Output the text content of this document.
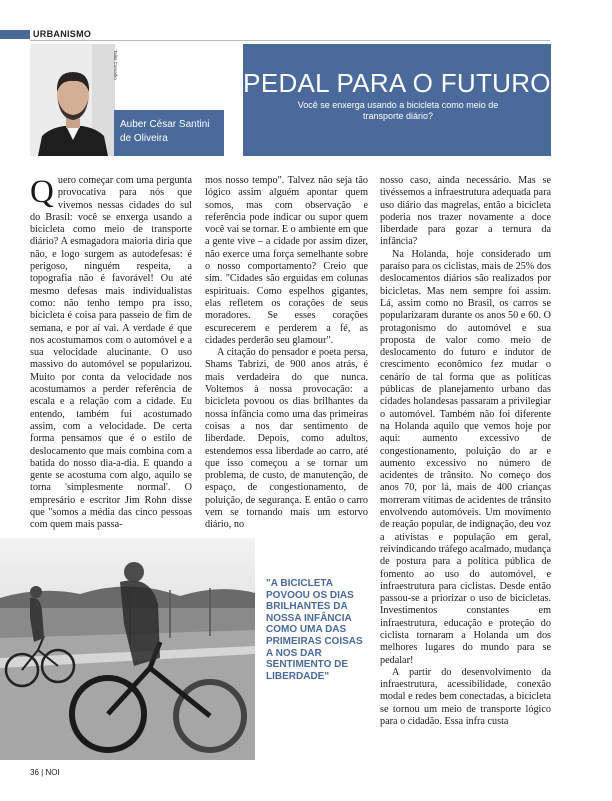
URBANISMO
Talita Carvalho
Auber César Santini de Oliveira
PEDAL PARA O FUTURO
Você se enxerga usando a bicicleta como meio de transporte diário?

Quero começar com uma pergunta provocativa para nós que vivemos nessas cidades do sul do Brasil: você se enxerga usando a bicicleta como meio de transporte diário? A esmagadora maioria diria que não, e logo surgem as autodefesas: é perigoso, ninguém respeita, a topografia não é favorável! Ou até mesmo defesas mais individualistas como: não tenho tempo pra isso, bicicleta é coisa para passeio de fim de semana, e por aí vai. A verdade é que nos acostumamos com o automóvel e a sua velocidade alucinante. O uso massivo do automóvel se popularizou. Muito por conta da velocidade nos acostumamos a perder referência de escala e a relação com a cidade. Eu entendo, também fui acostumado assim, com a velocidade. De certa forma pensamos que é o estilo de deslocamento que mais combina com a batida do nosso dia-a-dia. E quando a gente se acostuma com algo, aquilo se torna 'simplesmente normal'. O empresário e escritor Jim Rohn disse que "somos a média das cinco pessoas com quem mais passa-

mos nosso tempo". Talvez não seja tão lógico assim alguém apontar quem somos, mas com observação e referência pode indicar ou supor quem você vai se tornar. E o ambiente em que a gente vive – a cidade por assim dizer, não exerce uma força semelhante sobre o nosso comportamento? Creio que sim. "Cidades são erguidas em colunas espirituais. Como espelhos gigantes, elas refletem os corações de seus moradores. Se esses corações escurecerem e perderem a fé, as cidades perderão seu glamour".

A citação do pensador e poeta persa, Shams Tabrizi, de 900 anos atrás, é mais verdadeira do que nunca. Voltemos à nossa provocação: a bicicleta povoou os dias brilhantes da nossa infância como uma das primeiras coisas a nos dar sentimento de liberdade. Depois, como adultos, estendemos essa liberdade ao carro, até que isso começou a se tornar um problema, de custo, de manutenção, de espaço, de congestionamento, de poluição, de segurança. E então o carro vem se tornando mais um estorvo diário, no

nosso caso, ainda necessário. Mas se tivéssemos a infraestrutura adequada para uso diário das magrelas, então a bicicleta poderia nos trazer novamente a doce liberdade para gozar a ternura da infância?

Na Holanda, hoje considerado um paraíso para os ciclistas, mais de 25% dos deslocamentos diários são realizados por bicicletas. Mas nem sempre foi assim. Lá, assim como no Brasil, os carros se popularizaram durante os anos 50 e 60. O protagonismo do automóvel e sua proposta de valor como meio de deslocamento do futuro e indutor de crescimento econômico fez mudar o cenário de tal forma que as políticas públicas de planejamento urbano das cidades holandesas passaram a privilegiar o automóvel. Também não foi diferente na Holanda aquilo que vemos hoje por aqui: aumento excessivo de congestionamento, poluição do ar e aumento excessivo no número de acidentes de trânsito. No começo dos anos 70, por lá, mais de 400 crianças morreram vítimas de acidentes de trânsito envolvendo automóveis. Um movimento de reação popular, de indignação, deu voz a ativistas e população em geral, reivindicando tráfego acalmado, mudança de postura para a política pública de fomento ao uso do automóvel, e infraestrutura para ciclistas. Desde então passou-se a priorizar o uso de bicicletas. Investimentos constantes em infraestrutura, educação e proteção do ciclista tornaram a Holanda um dos melhores lugares do mundo para se pedalar!

A partir do desenvolvimento da infraestrutura, acessibilidade, conexão modal e redes bem conectadas, a bicicleta se tornou um meio de transporte lógico para o cidadão. Essa infra custa

"A BICICLETA POVOOU OS DIAS BRILHANTES DA NOSSA INFÂNCIA COMO UMA DAS PRIMEIRAS COISAS A NOS DAR SENTIMENTO DE LIBERDADE"
36 | NOI
